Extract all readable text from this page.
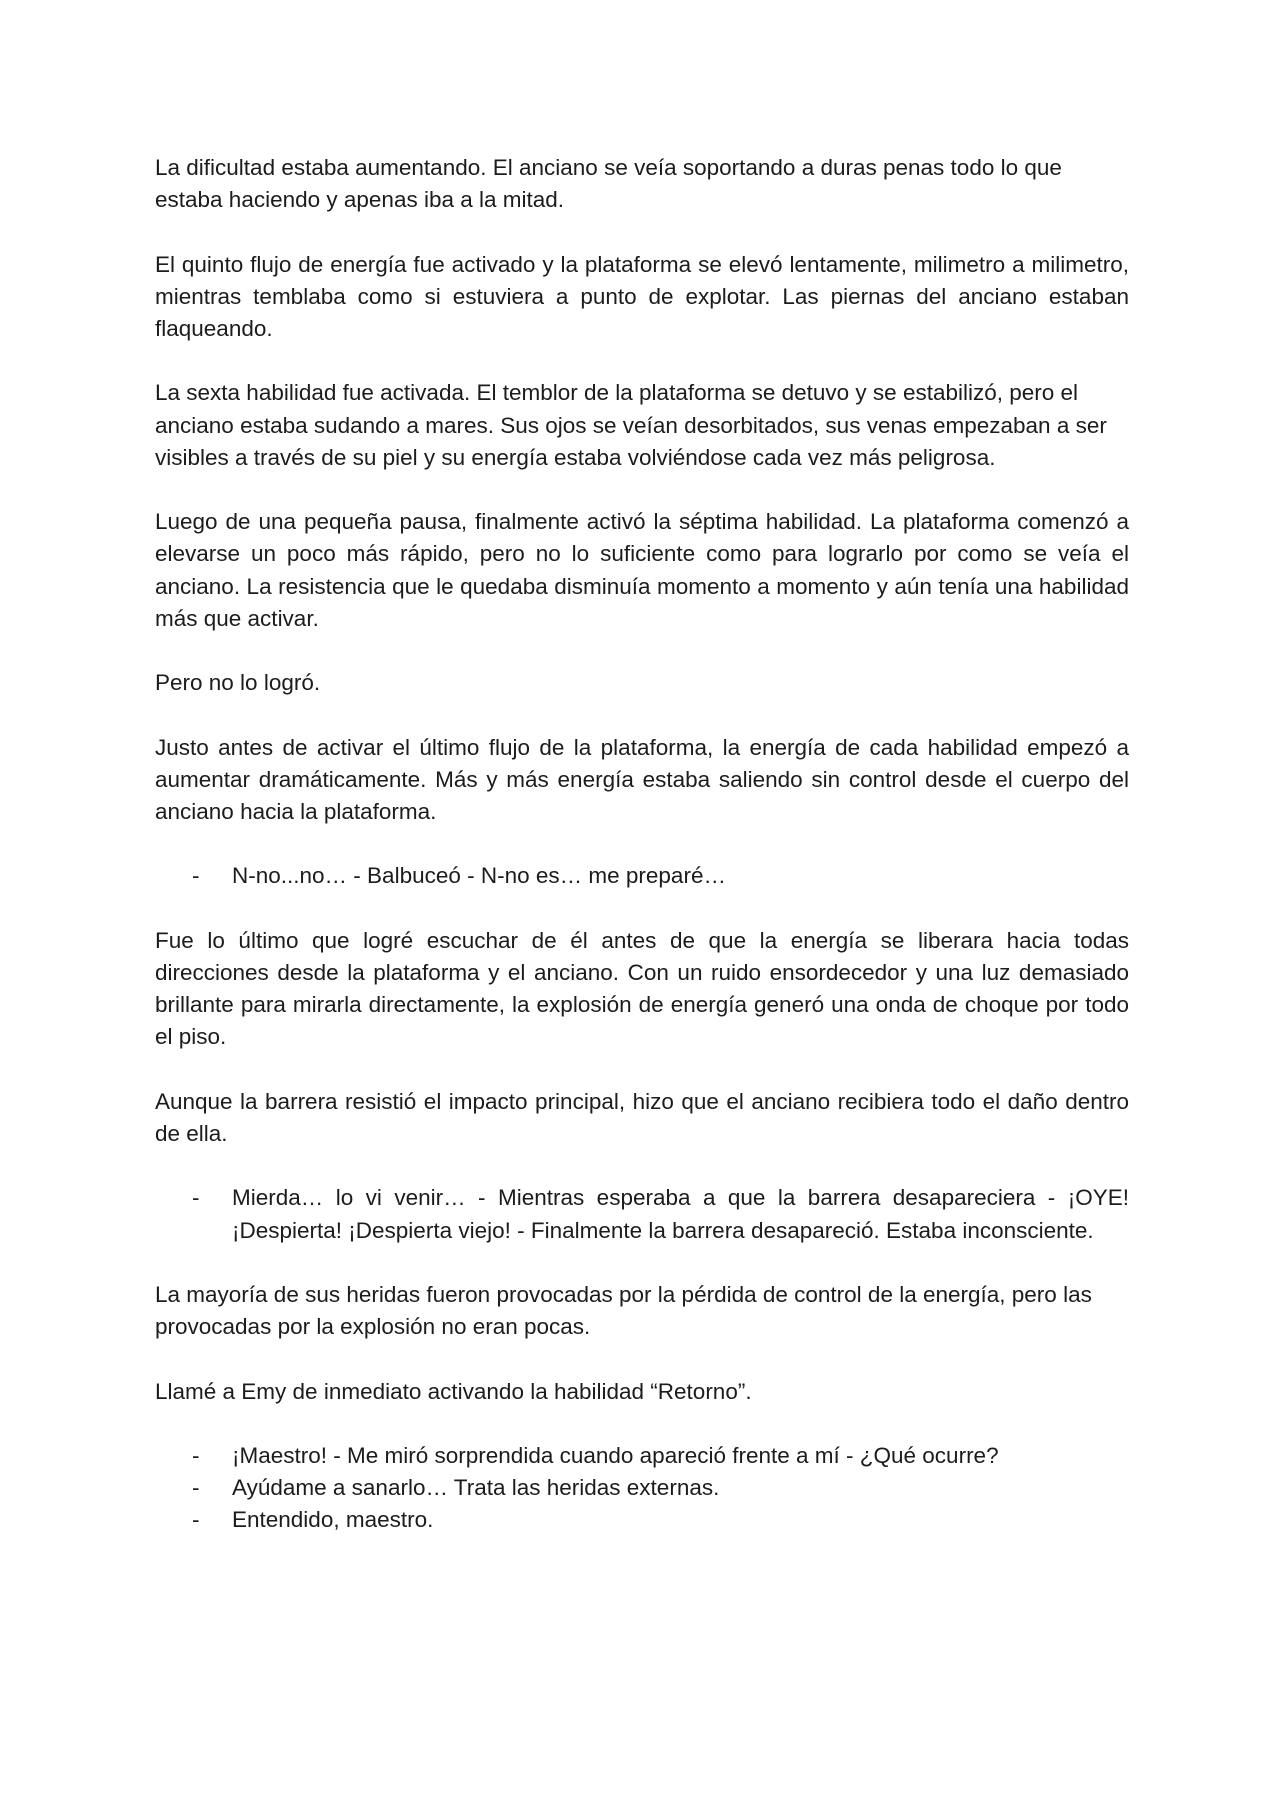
La dificultad estaba aumentando. El anciano se veía soportando a duras penas todo lo que estaba haciendo y apenas iba a la mitad.

El quinto flujo de energía fue activado y la plataforma se elevó lentamente, milimetro a milimetro, mientras temblaba como si estuviera a punto de explotar. Las piernas del anciano estaban flaqueando.

La sexta habilidad fue activada. El temblor de la plataforma se detuvo y se estabilizó, pero el anciano estaba sudando a mares. Sus ojos se veían desorbitados, sus venas empezaban a ser visibles a través de su piel y su energía estaba volviéndose cada vez más peligrosa.

Luego de una pequeña pausa, finalmente activó la séptima habilidad. La plataforma comenzó a elevarse un poco más rápido, pero no lo suficiente como para lograrlo por como se veía el anciano. La resistencia que le quedaba disminuía momento a momento y aún tenía una habilidad más que activar.

Pero no lo logró.

Justo antes de activar el último flujo de la plataforma, la energía de cada habilidad empezó a aumentar dramáticamente. Más y más energía estaba saliendo sin control desde el cuerpo del anciano hacia la plataforma.

- N-no...no… - Balbuceó - N-no es… me preparé…

Fue lo último que logré escuchar de él antes de que la energía se liberara hacia todas direcciones desde la plataforma y el anciano. Con un ruido ensordecedor y una luz demasiado brillante para mirarla directamente, la explosión de energía generó una onda de choque por todo el piso.

Aunque la barrera resistió el impacto principal, hizo que el anciano recibiera todo el daño dentro de ella.

- Mierda… lo vi venir… - Mientras esperaba a que la barrera desapareciera - ¡OYE! ¡Despierta! ¡Despierta viejo! - Finalmente la barrera desapareció. Estaba inconsciente.

La mayoría de sus heridas fueron provocadas por la pérdida de control de la energía, pero las provocadas por la explosión no eran pocas.

Llamé a Emy de inmediato activando la habilidad “Retorno”.

- ¡Maestro! - Me miró sorprendida cuando apareció frente a mí - ¿Qué ocurre?
- Ayúdame a sanarlo… Trata las heridas externas.
- Entendido, maestro.
